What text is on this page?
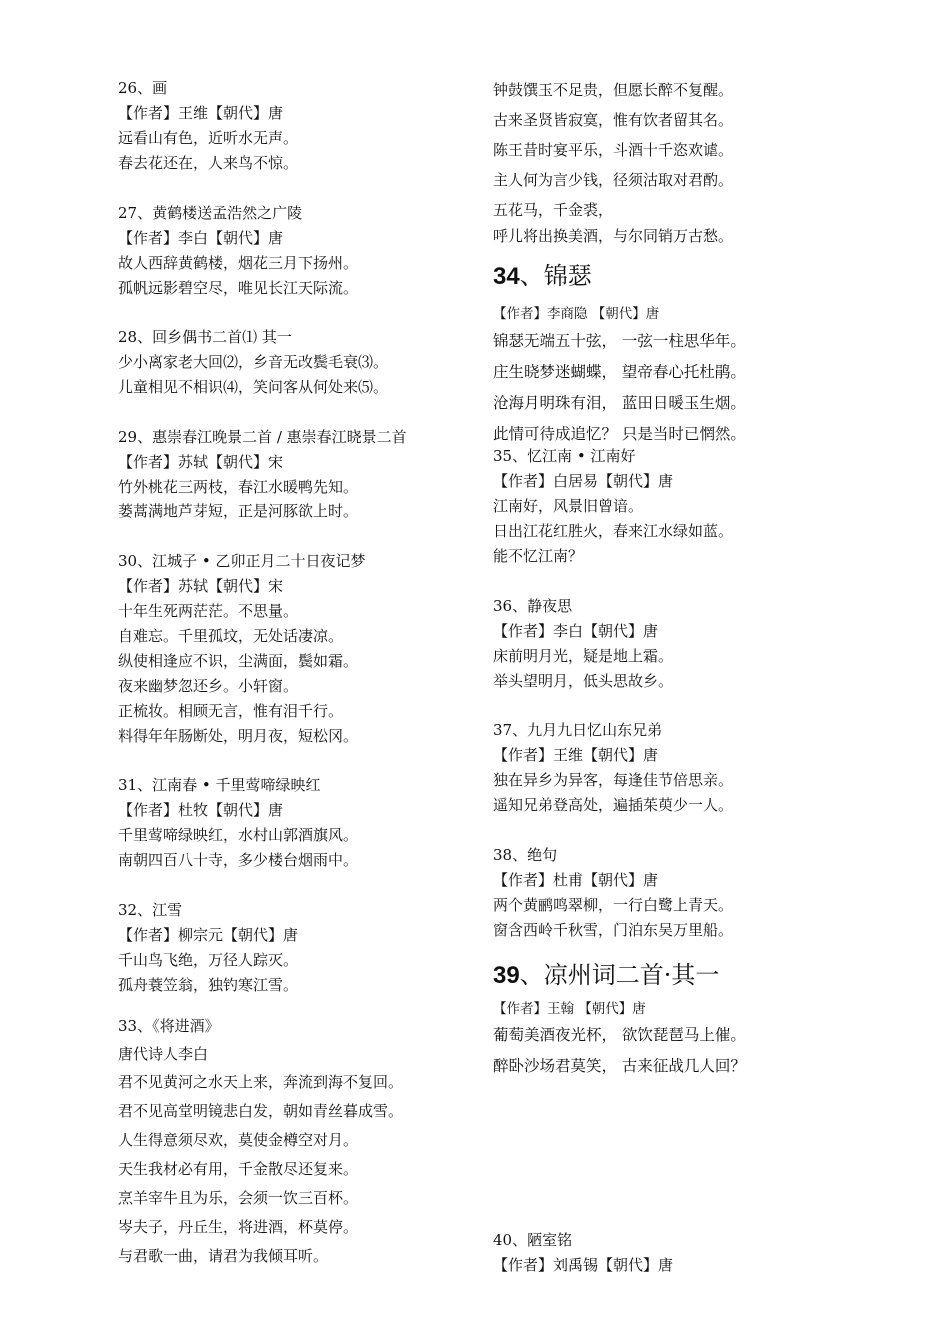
26、画
【作者】王维【朝代】唐
远看山有色，近听水无声。
春去花还在，人来鸟不惊。
27、黄鹤楼送孟浩然之广陵
【作者】李白【朝代】唐
故人西辞黄鹤楼，烟花三月下扬州。
孤帆远影碧空尽，唯见长江天际流。
28、回乡偶书二首⑴ 其一
少小离家老大回⑵，乡音无改鬓毛衰⑶。
儿童相见不相识⑷，笑问客从何处来⑸。
29、惠崇春江晚景二首 / 惠崇春江晓景二首
【作者】苏轼【朝代】宋
竹外桃花三两枝，春江水暖鸭先知。
蒌蒿满地芦芽短，正是河豚欲上时。
30、江城子 • 乙卯正月二十日夜记梦
【作者】苏轼【朝代】宋
十年生死两茫茫。不思量。
自难忘。千里孤坟，无处话凄凉。
纵使相逢应不识，尘满面，鬓如霜。
夜来幽梦忽还乡。小轩窗。
正梳妆。相顾无言，惟有泪千行。
料得年年肠断处，明月夜，短松冈。
31、江南春 • 千里莺啼绿映红
【作者】杜牧【朝代】唐
千里莺啼绿映红，水村山郭酒旗风。
南朝四百八十寺，多少楼台烟雨中。
32、江雪
【作者】柳宗元【朝代】唐
千山鸟飞绝，万径人踪灭。
孤舟蓑笠翁，独钓寒江雪。
33、《将进酒》
唐代诗人李白
君不见黄河之水天上来，奔流到海不复回。
君不见高堂明镜悲白发，朝如青丝暮成雪。
人生得意须尽欢，莫使金樽空对月。
天生我材必有用，千金散尽还复来。
烹羊宰牛且为乐，会须一饮三百杯。
岑夫子，丹丘生，将进酒，杯莫停。
与君歌一曲，请君为我倾耳听。
钟鼓馔玉不足贵，但愿长醉不复醒。
古来圣贤皆寂寞，惟有饮者留其名。
陈王昔时宴平乐，斗酒十千恣欢谑。
主人何为言少钱，径须沽取对君酌。
五花马，千金裘，
呼儿将出换美酒，与尔同销万古愁。
34、锦瑟
【作者】李商隐 【朝代】唐
锦瑟无端五十弦， 一弦一柱思华年。
庄生晓梦迷蝴蝶， 望帝春心托杜鹃。
沧海月明珠有泪， 蓝田日暖玉生烟。
此情可待成追忆？ 只是当时已惘然。
35、忆江南 • 江南好
【作者】白居易【朝代】唐
江南好，风景旧曾谙。
日出江花红胜火，春来江水绿如蓝。
能不忆江南？
36、静夜思
【作者】李白【朝代】唐
床前明月光，疑是地上霜。
举头望明月，低头思故乡。
37、九月九日忆山东兄弟
【作者】王维【朝代】唐
独在异乡为异客，每逢佳节倍思亲。
遥知兄弟登高处，遍插茱萸少一人。
38、绝句
【作者】杜甫【朝代】唐
两个黄鹂鸣翠柳，一行白鹭上青天。
窗含西岭千秋雪，门泊东吴万里船。
39、凉州词二首·其一
【作者】王翰 【朝代】唐
葡萄美酒夜光杯， 欲饮琵琶马上催。
醉卧沙场君莫笑， 古来征战几人回？
40、陋室铭
【作者】刘禹锡【朝代】唐
